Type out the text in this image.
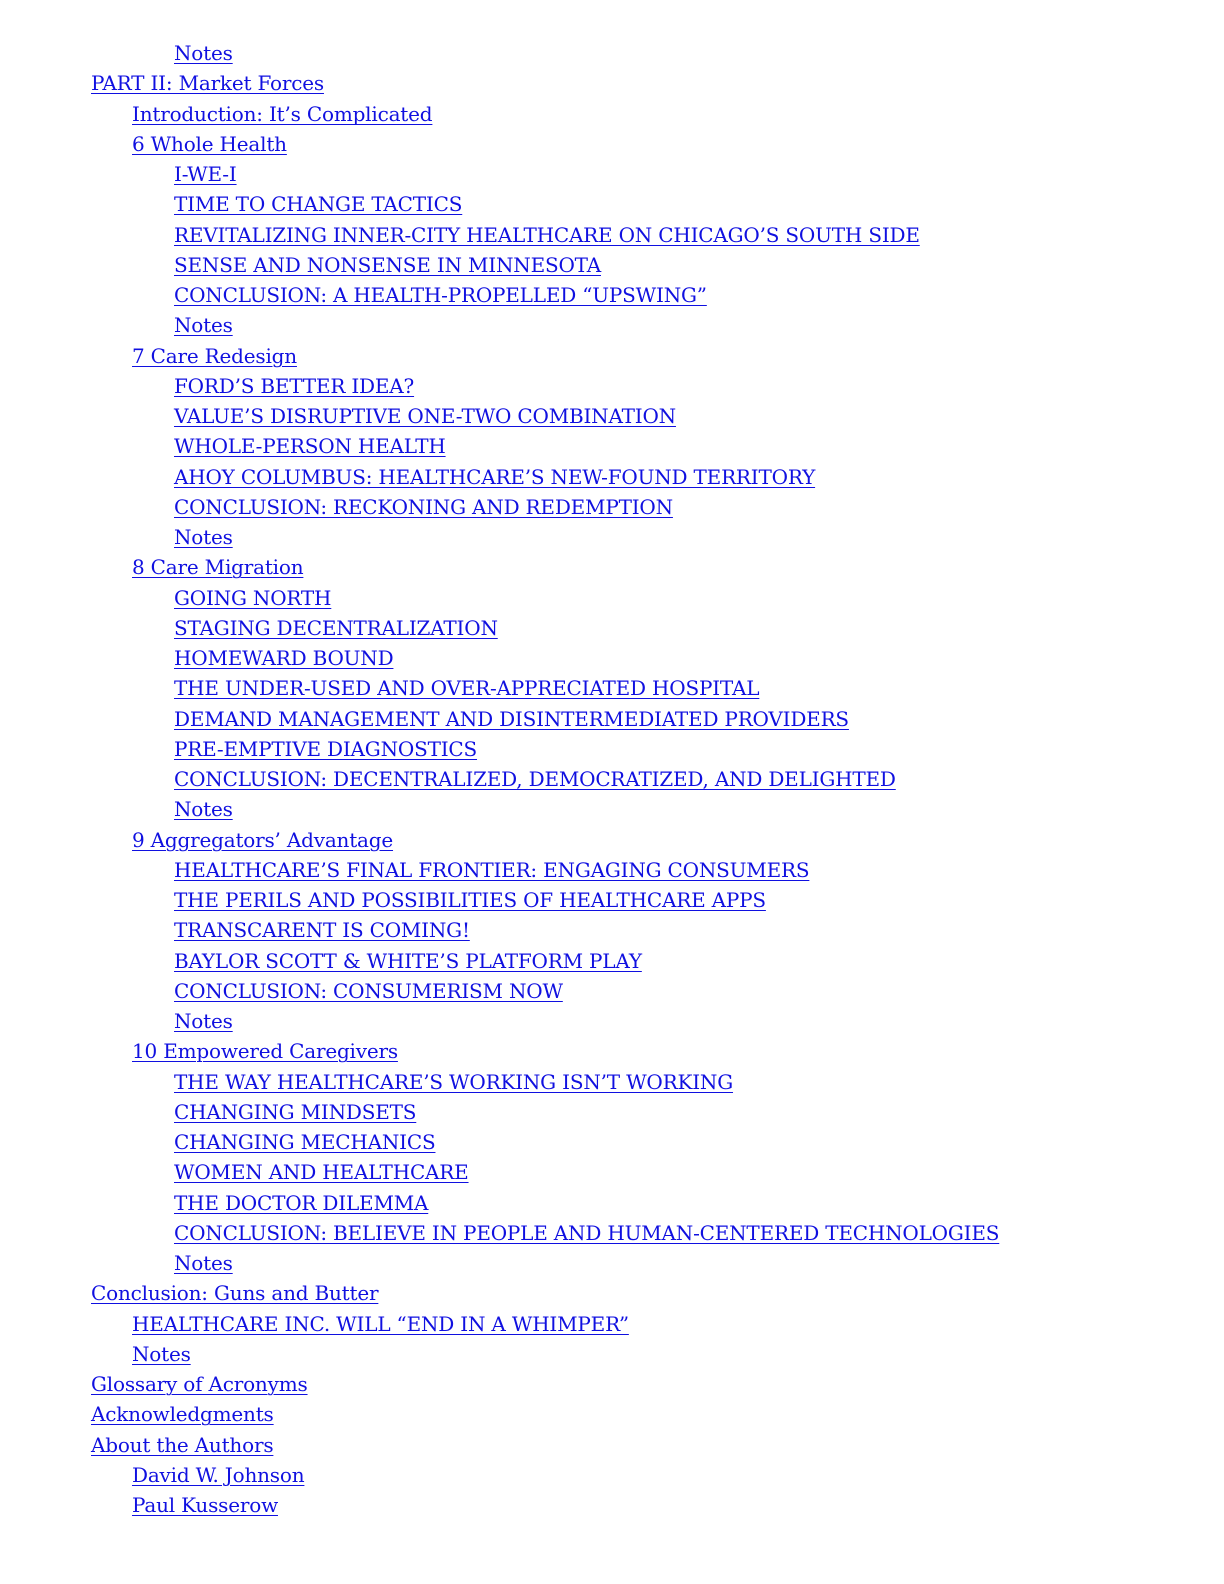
Notes
PART II: Market Forces
Introduction: It’s Complicated
6 Whole Health
I-WE-I
TIME TO CHANGE TACTICS
REVITALIZING INNER-CITY HEALTHCARE ON CHICAGO’S SOUTH SIDE
SENSE AND NONSENSE IN MINNESOTA
CONCLUSION: A HEALTH-PROPELLED “UPSWING”
Notes
7 Care Redesign
FORD’S BETTER IDEA?
VALUE’S DISRUPTIVE ONE-TWO COMBINATION
WHOLE-PERSON HEALTH
AHOY COLUMBUS: HEALTHCARE’S NEW-FOUND TERRITORY
CONCLUSION: RECKONING AND REDEMPTION
Notes
8 Care Migration
GOING NORTH
STAGING DECENTRALIZATION
HOMEWARD BOUND
THE UNDER-USED AND OVER-APPRECIATED HOSPITAL
DEMAND MANAGEMENT AND DISINTERMEDIATED PROVIDERS
PRE-EMPTIVE DIAGNOSTICS
CONCLUSION: DECENTRALIZED, DEMOCRATIZED, AND DELIGHTED
Notes
9 Aggregators’ Advantage
HEALTHCARE’S FINAL FRONTIER: ENGAGING CONSUMERS
THE PERILS AND POSSIBILITIES OF HEALTHCARE APPS
TRANSCARENT IS COMING!
BAYLOR SCOTT & WHITE’S PLATFORM PLAY
CONCLUSION: CONSUMERISM NOW
Notes
10 Empowered Caregivers
THE WAY HEALTHCARE’S WORKING ISN’T WORKING
CHANGING MINDSETS
CHANGING MECHANICS
WOMEN AND HEALTHCARE
THE DOCTOR DILEMMA
CONCLUSION: BELIEVE IN PEOPLE AND HUMAN-CENTERED TECHNOLOGIES
Notes
Conclusion: Guns and Butter
HEALTHCARE INC. WILL “END IN A WHIMPER”
Notes
Glossary of Acronyms
Acknowledgments
About the Authors
David W. Johnson
Paul Kusserow
